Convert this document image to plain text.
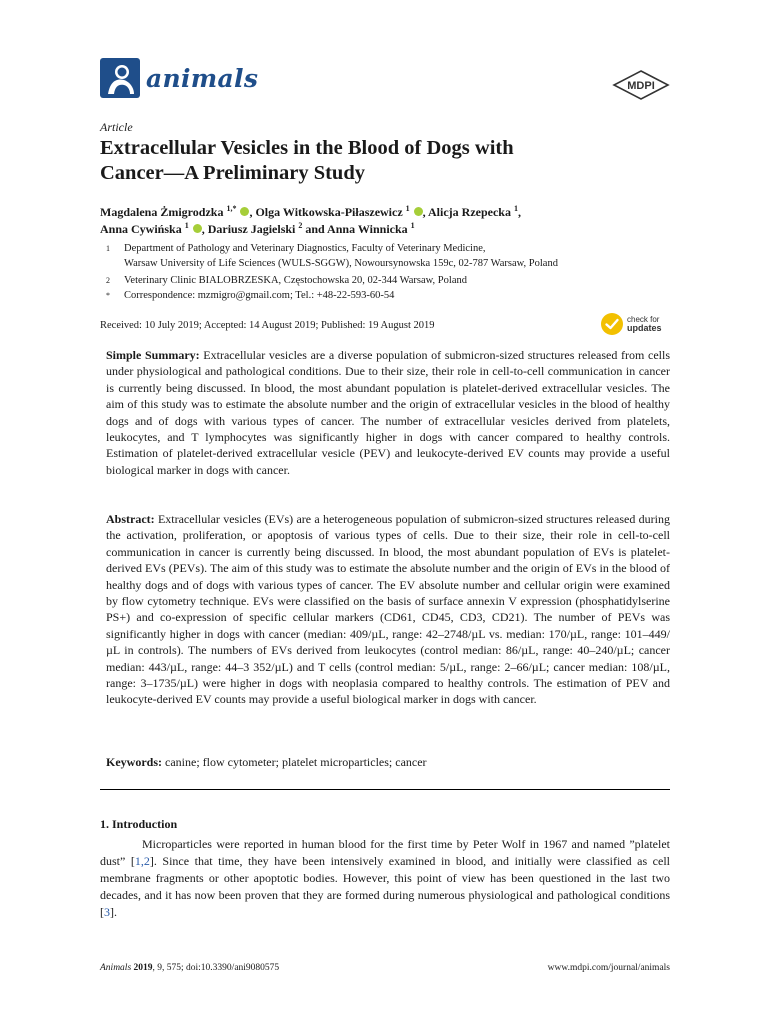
animals	MDPI
Article
Extracellular Vesicles in the Blood of Dogs with
Cancer—A Preliminary Study
Magdalena Żmigrodzka $^{1,*}$ , Olga Witkowska-Piłaszewicz $^1$ , Alicja Rzepecka $^1$,
Anna Cywińska $^1$ , Dariusz Jagielski $^2$ and Anna Winnicka $^1$
1	Department of Pathology and Veterinary Diagnostics, Faculty of Veterinary Medicine,
Warsaw University of Life Sciences (WULS-SGGW), Nowoursynowska 159c, 02-787 Warsaw, Poland
2	Veterinary Clinic BIALOBRZESKA, Częstochowska 20, 02-344 Warsaw, Poland
*	Correspondence: mzmigro@gmail.com; Tel.: +48-22-593-60-54
Received: 10 July 2019; Accepted: 14 August 2019; Published: 19 August 2019
check for
updates
Simple Summary: Extracellular vesicles are a diverse population of submicron-sized structures released from cells under physiological and pathological conditions. Due to their size, their role in cell-to-cell communication in cancer is currently being discussed. In blood, the most abundant population is platelet-derived extracellular vesicles. The aim of this study was to estimate the absolute number and the origin of extracellular vesicles in the blood of healthy dogs and of dogs with various types of cancer. The number of extracellular vesicles derived from platelets, leukocytes, and T lymphocytes was significantly higher in dogs with cancer compared to healthy controls. Estimation of platelet-derived extracellular vesicle (PEV) and leukocyte-derived EV counts may provide a useful biological marker in dogs with cancer.
Abstract: Extracellular vesicles (EVs) are a heterogeneous population of submicron-sized structures released during the activation, proliferation, or apoptosis of various types of cells. Due to their size, their role in cell-to-cell communication in cancer is currently being discussed. In blood, the most abundant population of EVs is platelet-derived EVs (PEVs). The aim of this study was to estimate the absolute number and the origin of EVs in the blood of healthy dogs and of dogs with various types of cancer. The EV absolute number and cellular origin were examined by flow cytometry technique. EVs were classified on the basis of surface annexin V expression (phosphatidylserine PS+) and co-expression of specific cellular markers (CD61, CD45, CD3, CD21). The number of PEVs was significantly higher in dogs with cancer (median: 409/µL, range: 42–2748/µL vs. median: 170/µL, range: 101–449/µL in controls). The numbers of EVs derived from leukocytes (control median: 86/µL, range: 40–240/µL; cancer median: 443/µL, range: 44–3 352/µL) and T cells (control median: 5/µL, range: 2–66/µL; cancer median: 108/µL, range: 3–1735/µL) were higher in dogs with neoplasia compared to healthy controls. The estimation of PEV and leukocyte-derived EV counts may provide a useful biological marker in dogs with cancer.
Keywords: canine; flow cytometer; platelet microparticles; cancer
1. Introduction
Microparticles were reported in human blood for the first time by Peter Wolf in 1967 and named ”platelet dust” [1,2]. Since that time, they have been intensively examined in blood, and initially were classified as cell membrane fragments or other apoptotic bodies. However, this point of view has been questioned in the last two decades, and it has now been proven that they are formed during numerous physiological and pathological conditions [3].
Animals 2019, 9, 575; doi:10.3390/ani9080575	www.mdpi.com/journal/animals
